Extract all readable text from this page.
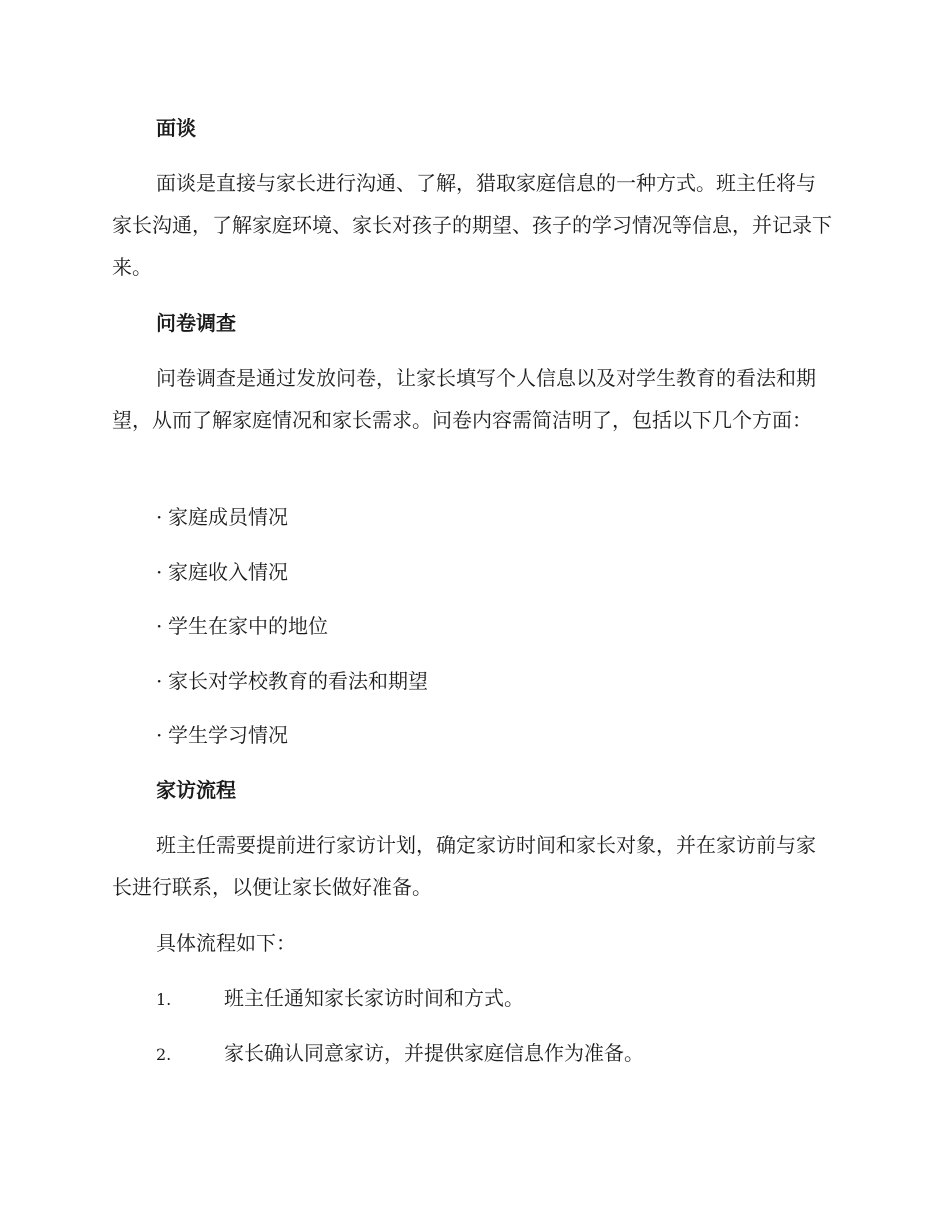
面谈

面谈是直接与家长进行沟通、了解，猎取家庭信息的一种方式。班主任将与家长沟通，了解家庭环境、家长对孩子的期望、孩子的学习情况等信息，并记录下来。

问卷调查

问卷调查是通过发放问卷，让家长填写个人信息以及对学生教育的看法和期望，从而了解家庭情况和家长需求。问卷内容需简洁明了，包括以下几个方面：

· 家庭成员情况
· 家庭收入情况
· 学生在家中的地位
· 家长对学校教育的看法和期望
· 学生学习情况
家访流程

班主任需要提前进行家访计划，确定家访时间和家长对象，并在家访前与家长进行联系，以便让家长做好准备。

具体流程如下：
1.	班主任通知家长家访时间和方式。
2.	家长确认同意家访，并提供家庭信息作为准备。
